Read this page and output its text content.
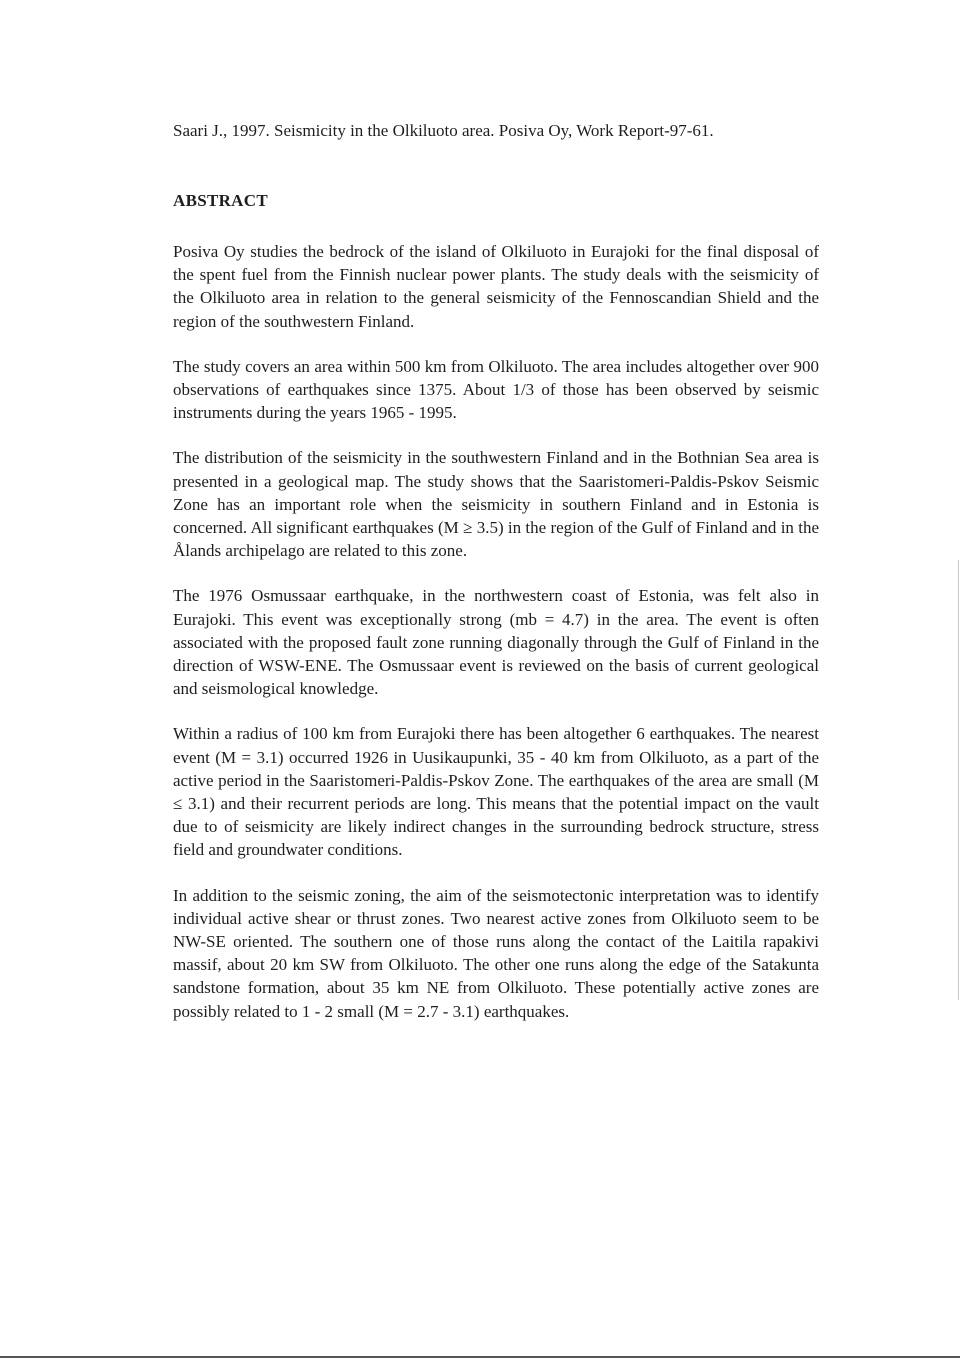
Saari J., 1997. Seismicity in the Olkiluoto area. Posiva Oy, Work Report-97-61.
ABSTRACT

Posiva Oy studies the bedrock of the island of Olkiluoto in Eurajoki for the final disposal of the spent fuel from the Finnish nuclear power plants. The study deals with the seismicity of the Olkiluoto area in relation to the general seismicity of the Fennoscandian Shield and the region of the southwestern Finland.

The study covers an area within 500 km from Olkiluoto. The area includes altogether over 900 observations of earthquakes since 1375. About 1/3 of those has been observed by seismic instruments during the years 1965 - 1995.

The distribution of the seismicity in the southwestern Finland and in the Bothnian Sea area is presented in a geological map. The study shows that the Saaristomeri-Paldis-Pskov Seismic Zone has an important role when the seismicity in southern Finland and in Estonia is concerned. All significant earthquakes (M ≥ 3.5) in the region of the Gulf of Finland and in the Ålands archipelago are related to this zone.

The 1976 Osmussaar earthquake, in the northwestern coast of Estonia, was felt also in Eurajoki. This event was exceptionally strong (mb = 4.7) in the area. The event is often associated with the proposed fault zone running diagonally through the Gulf of Finland in the direction of WSW-ENE. The Osmussaar event is reviewed on the basis of current geological and seismological knowledge.

Within a radius of 100 km from Eurajoki there has been altogether 6 earthquakes. The nearest event (M = 3.1) occurred 1926 in Uusikaupunki, 35 - 40 km from Olkiluoto, as a part of the active period in the Saaristomeri-Paldis-Pskov Zone. The earthquakes of the area are small (M ≤ 3.1) and their recurrent periods are long. This means that the potential impact on the vault due to of seismicity are likely indirect changes in the surrounding bedrock structure, stress field and groundwater conditions.

In addition to the seismic zoning, the aim of the seismotectonic interpretation was to identify individual active shear or thrust zones. Two nearest active zones from Olkiluoto seem to be NW-SE oriented. The southern one of those runs along the contact of the Laitila rapakivi massif, about 20 km SW from Olkiluoto. The other one runs along the edge of the Satakunta sandstone formation, about 35 km NE from Olkiluoto. These potentially active zones are possibly related to 1 - 2 small (M = 2.7 - 3.1) earthquakes.
